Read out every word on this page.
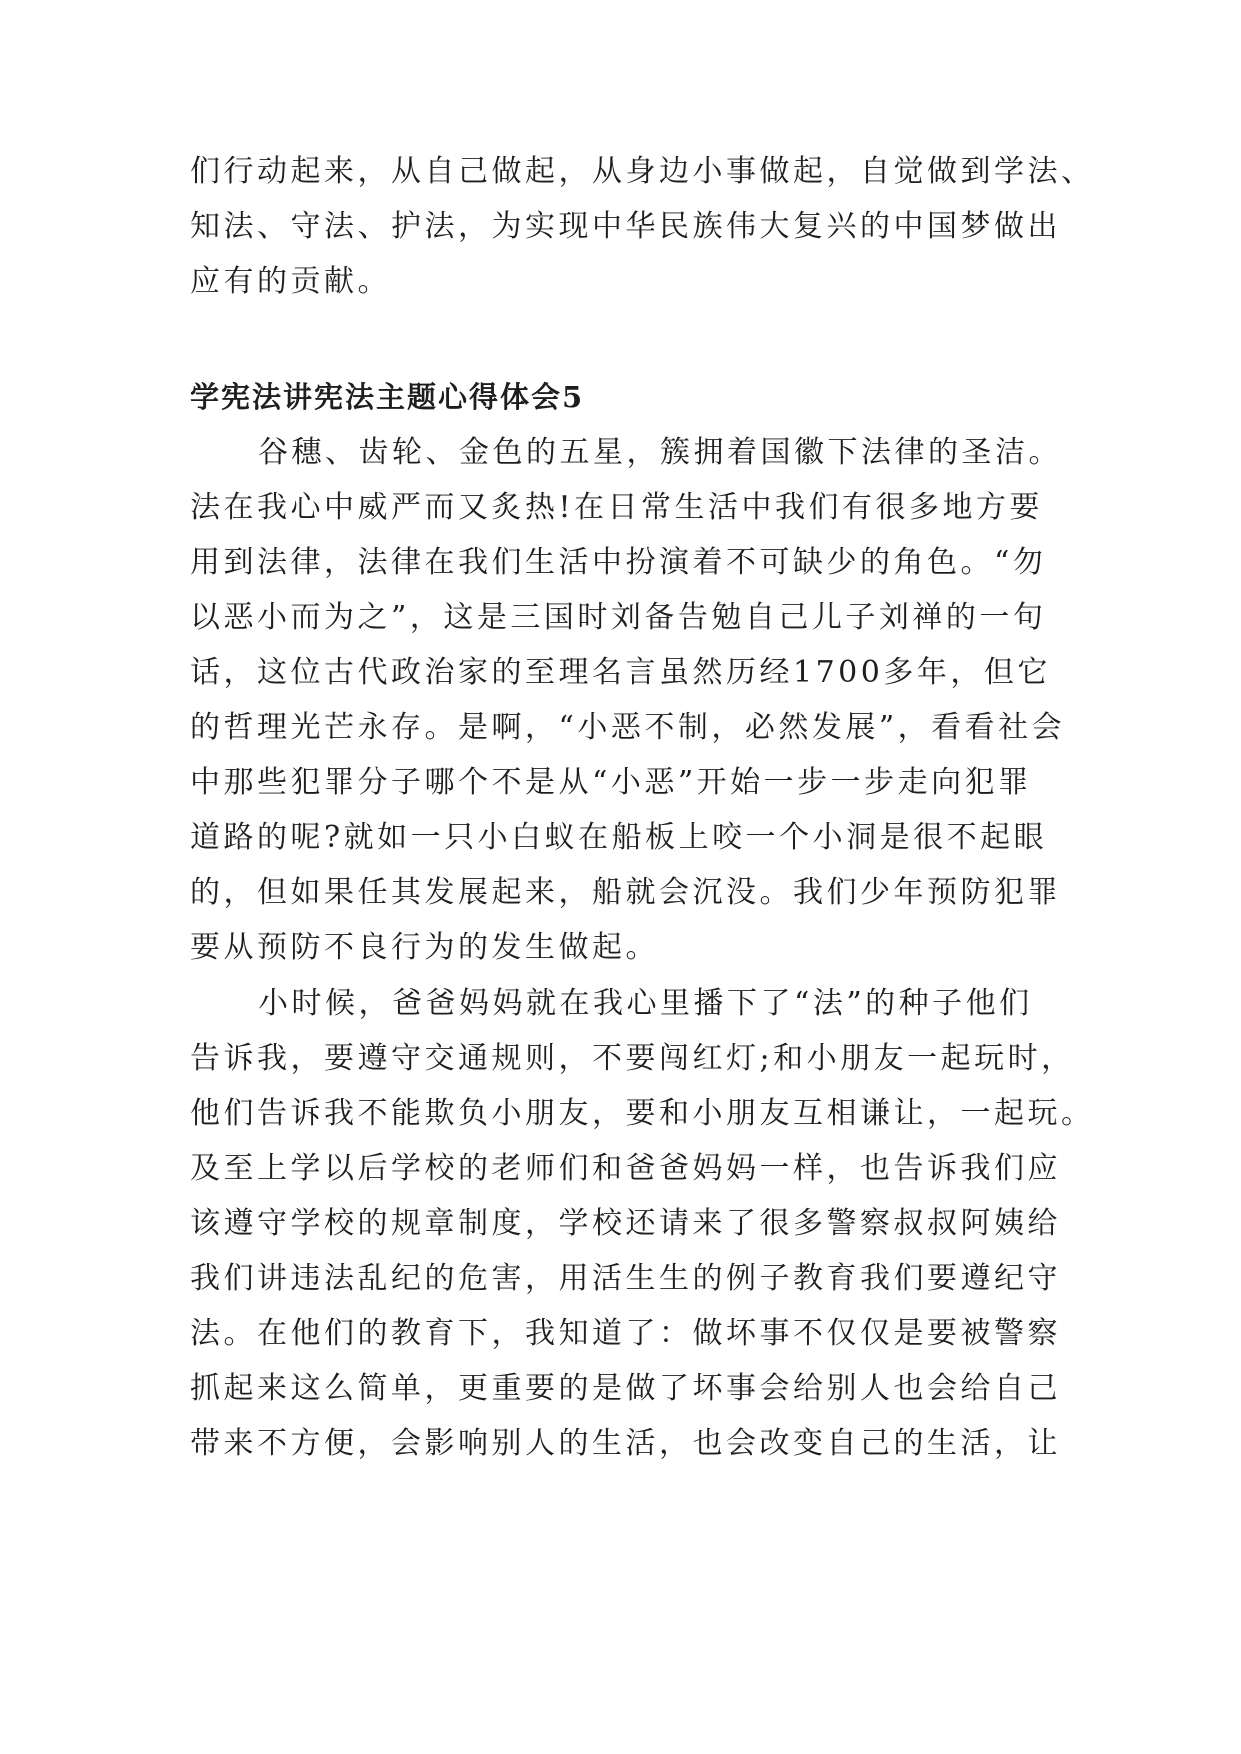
们行动起来，从自己做起，从身边小事做起，自觉做到学法、

知法、守法、护法，为实现中华民族伟大复兴的中国梦做出

应有的贡献。

学宪法讲宪法主题心得体会5

谷穗、齿轮、金色的五星，簇拥着国徽下法律的圣洁。

法在我心中威严而又炙热!在日常生活中我们有很多地方要

用到法律，法律在我们生活中扮演着不可缺少的角色。“勿

以恶小而为之”，这是三国时刘备告勉自己儿子刘禅的一句

话，这位古代政治家的至理名言虽然历经1700多年，但它

的哲理光芒永存。是啊，“小恶不制，必然发展”，看看社会

中那些犯罪分子哪个不是从“小恶”开始一步一步走向犯罪

道路的呢?就如一只小白蚁在船板上咬一个小洞是很不起眼

的，但如果任其发展起来，船就会沉没。我们少年预防犯罪

要从预防不良行为的发生做起。

小时候，爸爸妈妈就在我心里播下了“法”的种子他们

告诉我，要遵守交通规则，不要闯红灯;和小朋友一起玩时，

他们告诉我不能欺负小朋友，要和小朋友互相谦让，一起玩。

及至上学以后学校的老师们和爸爸妈妈一样，也告诉我们应

该遵守学校的规章制度，学校还请来了很多警察叔叔阿姨给

我们讲违法乱纪的危害，用活生生的例子教育我们要遵纪守

法。在他们的教育下，我知道了：做坏事不仅仅是要被警察

抓起来这么简单，更重要的是做了坏事会给别人也会给自己

带来不方便，会影响别人的生活，也会改变自己的生活，让
